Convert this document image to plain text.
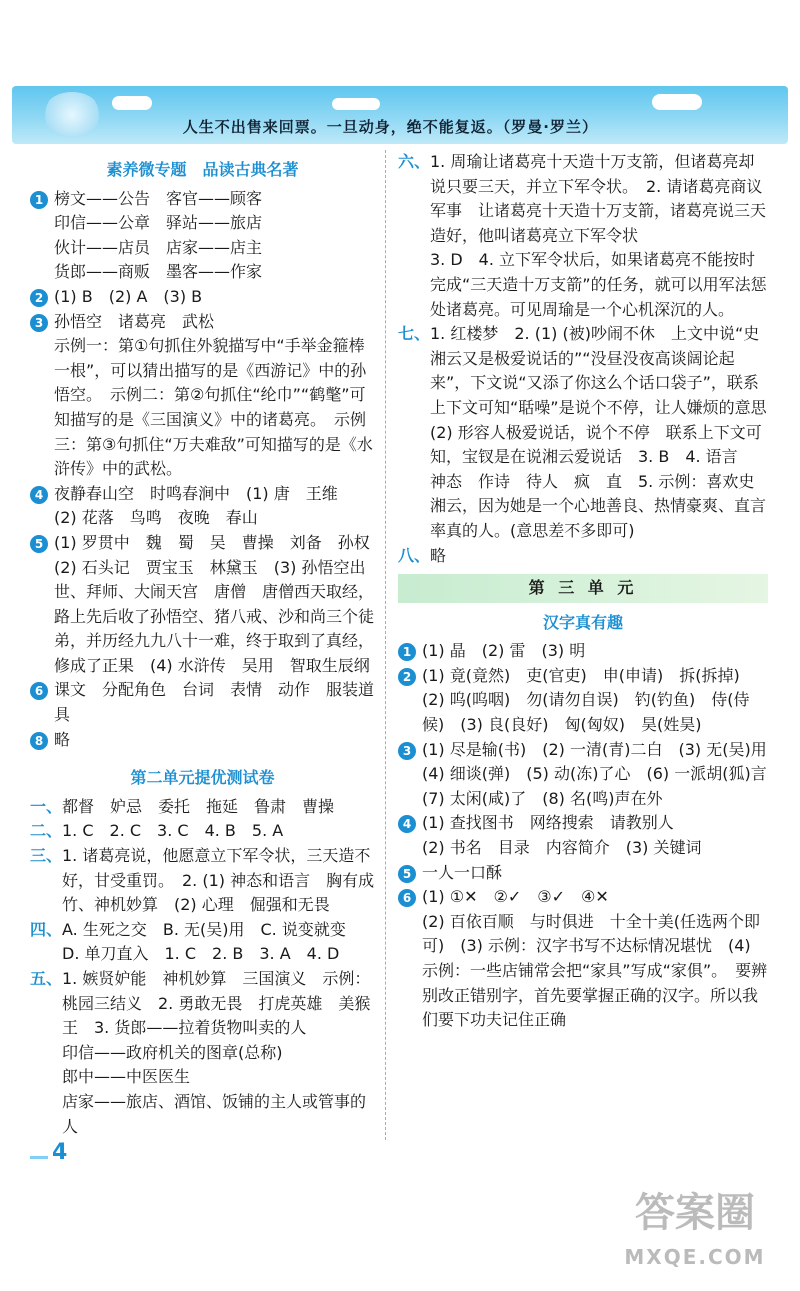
人生不出售来回票。一旦动身，绝不能复返。（罗曼·罗兰）
素养微专题　品读古典名著
1 榜文——公告　客官——顾客
印信——公章　驿站——旅店
伙计——店员　店家——店主
货郎——商贩　墨客——作家
2 (1) B　(2) A　(3) B
3 孙悟空　诸葛亮　武松
示例一：第①句抓住外貌描写中“手举金箍棒一根”，可以猜出描写的是《西游记》中的孙悟空。　示例二：第②句抓住“纶巾”“鹤氅”可知描写的是《三国演义》中的诸葛亮。　示例三：第③句抓住“万夫难敌”可知描写的是《水浒传》中的武松。
4 夜静春山空　时鸣春涧中　(1) 唐　王维
(2) 花落　鸟鸣　夜晚　春山
5 (1) 罗贯中　魏　蜀　吴　曹操　刘备　孙权　(2) 石头记　贾宝玉　林黛玉　(3) 孙悟空出世、拜师、大闹天宫　唐僧　唐僧西天取经，路上先后收了孙悟空、猪八戒、沙和尚三个徒弟，并历经九九八十一难，终于取到了真经，修成了正果　(4) 水浒传　吴用　智取生辰纲
6 课文　分配角色　台词　表情　动作　服装道具
8 略
第二单元提优测试卷
一、 都督　妒忌　委托　拖延　鲁肃　曹操
二、 1. C　2. C　3. C　4. B　5. A
三、 1. 诸葛亮说，他愿意立下军令状，三天造不好，甘受重罚。　2. (1) 神态和语言　胸有成竹、神机妙算　(2) 心理　倔强和无畏
四、 A. 生死之交　B. 无(吴)用　C. 说变就变　D. 单刀直入　1. C　2. B　3. A　4. D
五、 1. 嫉贤妒能　神机妙算　三国演义　示例：桃园三结义　2. 勇敢无畏　打虎英雄　美猴王　3. 货郎——拉着货物叫卖的人
印信——政府机关的图章(总称)
郎中——中医医生
店家——旅店、酒馆、饭铺的主人或管事的人
六、 1. 周瑜让诸葛亮十天造十万支箭，但诸葛亮却说只要三天，并立下军令状。　2. 请诸葛亮商议军事　让诸葛亮十天造十万支箭，诸葛亮说三天造好，他叫诸葛亮立下军令状
3. D　4. 立下军令状后，如果诸葛亮不能按时完成“三天造十万支箭”的任务，就可以用军法惩处诸葛亮。可见周瑜是一个心机深沉的人。
七、 1. 红楼梦　2. (1) (被)吵闹不休　上文中说“史湘云又是极爱说话的”“没昼没夜高谈阔论起来”，下文说“又添了你这么个话口袋子”，联系上下文可知“聒噪”是说个不停，让人嫌烦的意思　(2) 形容人极爱说话，说个不停　联系上下文可知，宝钗是在说湘云爱说话　3. B　4. 语言　神态　作诗　待人　疯　直　5. 示例：喜欢史湘云，因为她是一个心地善良、热情豪爽、直言率真的人。(意思差不多即可)
八、 略
第 三 单 元
汉字真有趣
1 (1) 晶　(2) 雷　(3) 明
2 (1) 竟(竟然)　吏(官吏)　申(申请)　拆(拆掉)　(2) 呜(呜咽)　勿(请勿自误)　钓(钓鱼)　侍(侍候)　(3) 良(良好)　匈(匈奴)　昊(姓昊)
3 (1) 尽是输(书)　(2) 一清(青)二白　(3) 无(吴)用　(4) 细谈(弹)　(5) 动(冻)了心　(6) 一派胡(狐)言　(7) 太闲(咸)了　(8) 名(鸣)声在外
4 (1) 查找图书　网络搜索　请教别人
(2) 书名　目录　内容简介　(3) 关键词
5 一人一口酥
6 (1) ①✕　②✓　③✓　④✕
(2) 百依百顺　与时俱进　十全十美(任选两个即可)　(3) 示例：汉字书写不达标情况堪忧　(4) 示例：一些店铺常会把“家具”写成“家俱”。　要辨别改正错别字，首先要掌握正确的汉字。所以我们要下功夫记住正确
4
答案圈
MXQE.COM
